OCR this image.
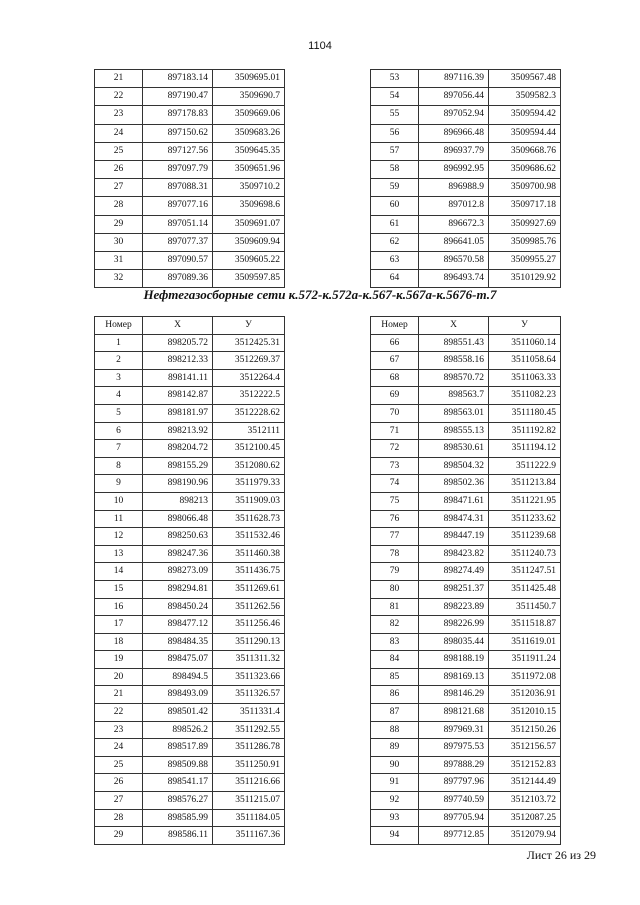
1104
21	897183.14	3509695.01
22	897190.47	3509690.7
23	897178.83	3509669.06
24	897150.62	3509683.26
25	897127.56	3509645.35
26	897097.79	3509651.96
27	897088.31	3509710.2
28	897077.16	3509698.6
29	897051.14	3509691.07
30	897077.37	3509609.94
31	897090.57	3509605.22
32	897089.36	3509597.85
53	897116.39	3509567.48
54	897056.44	3509582.3
55	897052.94	3509594.42
56	896966.48	3509594.44
57	896937.79	3509668.76
58	896992.95	3509686.62
59	896988.9	3509700.98
60	897012.8	3509717.18
61	896672.3	3509927.69
62	896641.05	3509985.76
63	896570.58	3509955.27
64	896493.74	3510129.92
Нефтегазосборные сети к.572-к.572а-к.567-к.567а-к.5676-т.7
Номер	X	У
1	898205.72	3512425.31
2	898212.33	3512269.37
3	898141.11	3512264.4
4	898142.87	3512222.5
5	898181.97	3512228.62
6	898213.92	3512111
7	898204.72	3512100.45
8	898155.29	3512080.62
9	898190.96	3511979.33
10	898213	3511909.03
11	898066.48	3511628.73
12	898250.63	3511532.46
13	898247.36	3511460.38
14	898273.09	3511436.75
15	898294.81	3511269.61
16	898450.24	3511262.56
17	898477.12	3511256.46
18	898484.35	3511290.13
19	898475.07	3511311.32
20	898494.5	3511323.66
21	898493.09	3511326.57
22	898501.42	3511331.4
23	898526.2	3511292.55
24	898517.89	3511286.78
25	898509.88	3511250.91
26	898541.17	3511216.66
27	898576.27	3511215.07
28	898585.99	3511184.05
29	898586.11	3511167.36
Номер	X	У
66	898551.43	3511060.14
67	898558.16	3511058.64
68	898570.72	3511063.33
69	898563.7	3511082.23
70	898563.01	3511180.45
71	898555.13	3511192.82
72	898530.61	3511194.12
73	898504.32	3511222.9
74	898502.36	3511213.84
75	898471.61	3511221.95
76	898474.31	3511233.62
77	898447.19	3511239.68
78	898423.82	3511240.73
79	898274.49	3511247.51
80	898251.37	3511425.48
81	898223.89	3511450.7
82	898226.99	3511518.87
83	898035.44	3511619.01
84	898188.19	3511911.24
85	898169.13	3511972.08
86	898146.29	3512036.91
87	898121.68	3512010.15
88	897969.31	3512150.26
89	897975.53	3512156.57
90	897888.29	3512152.83
91	897797.96	3512144.49
92	897740.59	3512103.72
93	897705.94	3512087.25
94	897712.85	3512079.94
Лист 26 из 29
